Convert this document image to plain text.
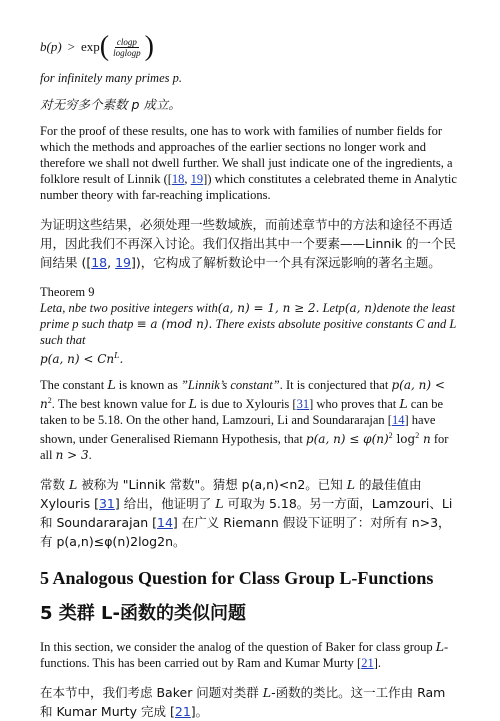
b(p) > exp ( $\frac{clogp}{\text{loglogp}}$ )

for infinitely many primes p.

对无穷多个素数 p 成立。

For the proof of these results, one has to work with families of number fields for which the methods and approaches of the earlier sections no longer work and therefore we shall not dwell further. We shall just indicate one of the ingredients, a folklore result of Linnik ([18, 19]) which constitutes a celebrated theme in Analytic number theory with far-reaching implications.

为证明这些结果，必须处理一些数域族，而前述章节中的方法和途径不再适用，因此我们不再深入讨论。我们仅指出其中一个要素——Linnik 的一个民间结果 ([18, 19])，它构成了解析数论中一个具有深远影响的著名主题。

Theorem 9

Leta, nbe two positive integers with(a, n) = 1, n ≥ 2. Letp(a, n)denote the least prime p such thatp ≡ a (mod n). There exists absolute positive constants C and L such that

p(a, $n) < Cn^L$.

The constant L is known as ”Linnik’s constant”. It is conjectured that p(a, $n) < n^2$. The best known value for L is due to Xylouris [31] who proves that L can be taken to be 5.18. On the other hand, Lamzouri, Li and Soundararajan [14] have shown, under Generalised Riemann Hypothesis, that p(a, $n) \le \varphi(n)^2$ $\log^2 n$ for all n > 3.

常数 L 被称为 "Linnik 常数"。猜想 p(a,n)<n2。已知 L 的最佳值由 Xylouris [31] 给出，他证明了 L 可取为 5.18。另一方面，Lamzouri、Li 和 Soundararajan [14] 在广义 Riemann 假设下证明了：对所有 n>3，有 p(a,n)≤φ(n)2log2n。

5 Analogous Question for Class Group L-Functions

5 类群 L-函数的类似问题

In this section, we consider the analog of the question of Baker for class group L-functions. This has been carried out by Ram and Kumar Murty [21].

在本节中，我们考虑 Baker 问题对类群 L-函数的类比。这一工作由 Ram 和 Kumar Murty 完成 [21]。
